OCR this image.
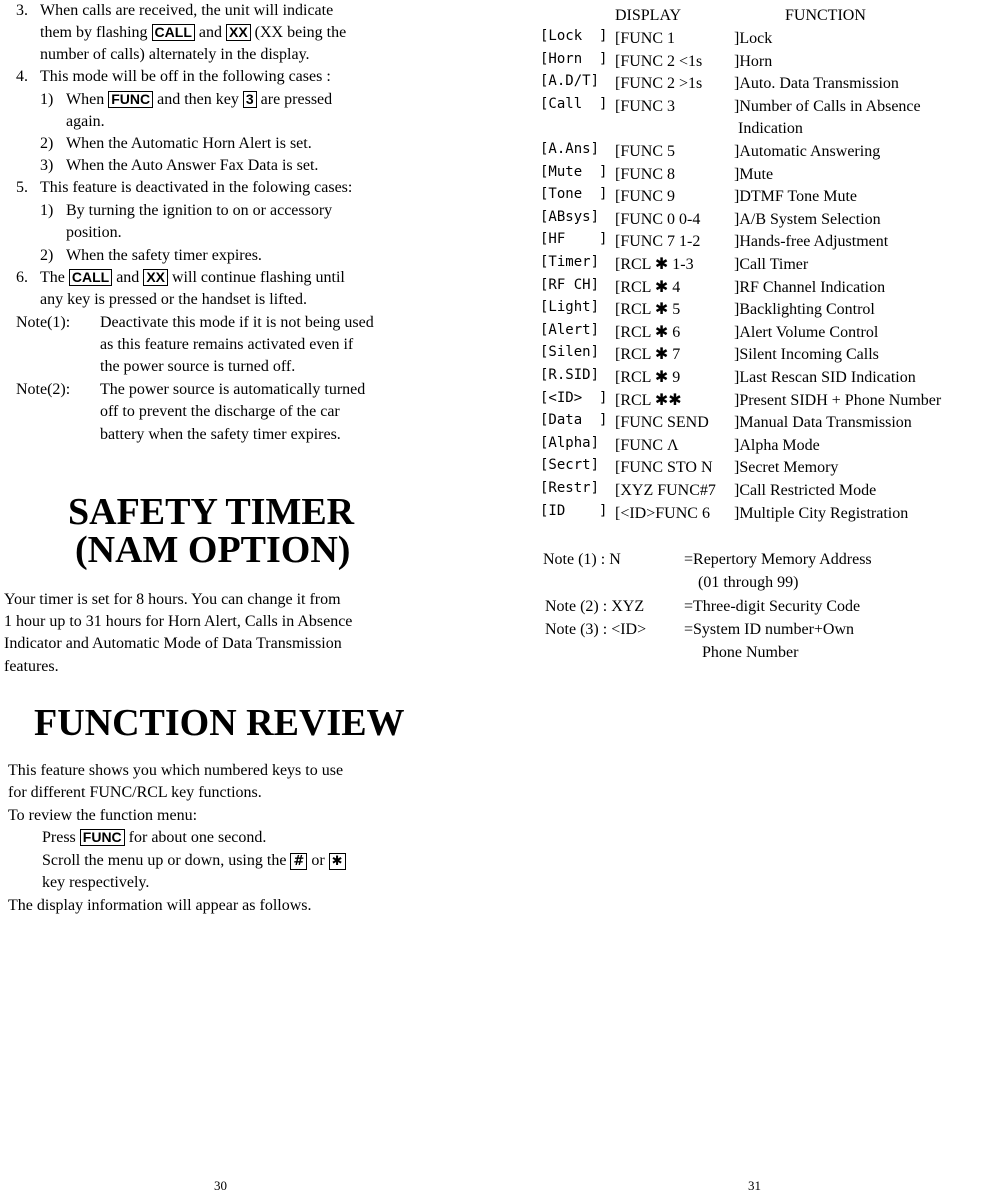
3. When calls are received, the unit will indicate

them by flashing CALL and XX (XX being the

number of calls) alternately in the display.

4. This mode will be off in the following cases :

1) When FUNC and then key 3 are pressed

again.

2) When the Automatic Horn Alert is set.

3) When the Auto Answer Fax Data is set.

5. This feature is deactivated in the folowing cases:

1) By turning the ignition to on or accessory

position.

2) When the safety timer expires.

6. The CALL and XX will continue flashing until

any key is pressed or the handset is lifted.

Note(1): Deactivate this mode if it is not being used

as this feature remains activated even if

the power source is turned off.

Note(2): The power source is automatically turned

off to prevent the discharge of the car

battery when the safety timer expires.

SAFETY TIMER
(NAM OPTION)

Your timer is set for 8 hours. You can change it from

1 hour up to 31 hours for Horn Alert, Calls in Absence

Indicator and Automatic Mode of Data Transmission

features.

FUNCTION REVIEW

This feature shows you which numbered keys to use

for different FUNC/RCL key functions.

To review the function menu:

Press FUNC for about one second.

Scroll the menu up or down, using the # or ✱

key respectively.

The display information will appear as follows.

30

DISPLAY	FUNCTION

[Lock  ] [FUNC 1	]Lock
[Horn  ] [FUNC 2 <1s ]Horn
[A.D/T] [FUNC 2 >1s ]Auto. Data Transmission
[Call  ] [FUNC 3	]Number of Calls in Absence
Indication
[A.Ans] [FUNC 5	]Automatic Answering
[Mute  ] [FUNC 8	]Mute
[Tone  ] [FUNC 9	]DTMF Tone Mute
[ABsys] [FUNC 0 0-4 ]A/B System Selection
[HF    ] [FUNC 7 1-2 ]Hands-free Adjustment
[Timer] [RCL ✱ 1-3	]Call Timer
[RF CH] [RCL ✱ 4	]RF Channel Indication
[Light] [RCL ✱ 5	]Backlighting Control
[Alert] [RCL ✱ 6	]Alert Volume Control
[Silen] [RCL ✱ 7	]Silent Incoming Calls
[R.SID] [RCL ✱ 9	]Last Rescan SID Indication
[<ID>  ] [RCL ✱✱	]Present SIDH + Phone Number
[Data  ] [FUNC SEND ]Manual Data Transmission
[Alpha] [FUNC Λ	]Alpha Mode
[Secrt] [FUNC STO N ]Secret Memory
[Restr] [XYZ FUNC#7 ]Call Restricted Mode
[ID    ] [<ID>FUNC 6 ]Multiple City Registration

Note (1) : N	=Repertory Memory Address

(01 through 99)

Note (2) : XYZ =Three-digit Security Code

Note (3) : <ID> =System ID number+Own

Phone Number

31
